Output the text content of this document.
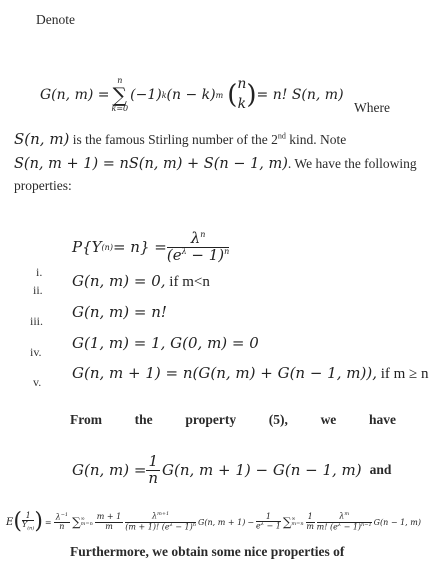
Denote
G(n, m) =
n
∑
k=0
(−1) k (n − k) m ( n
k ) = n! S(n, m)
Where
S(n, m) is the famous Stirling number of the 2nd kind. Note
S(n, m + 1) = nS(n, m) + S(n − 1, m). We have the following
properties:
P{Y $(n) = n\} = \frac{\lambda^n}{(e^\lambda - 1)^n}$
i.
ii.
iii.
iv.
v.
G(n, m) = 0, if m<n
G(n, m) = n!
G(1, m) = 1, G(0, m) = 0
G(n, m + 1) = n(G(n, m) + G(n − 1, m)), if m ≥ n
From the property (5), we have
G(n, $m) = \frac{1}{n} G(n$, m + 1) − G(n − 1, m) and
E ( $\frac{1}{Y_{(n)}}$ ) = $\frac{\lambda^{-1}}{n}$ ∑ ∞
$m=n \frac{m + 1}{m} \frac{\lambda^{m+1}}{(m + 1)! (e^\lambda - 1)^n} G(n$, $m + 1) - \frac{1}{e^\lambda - 1}$ ∑ ∞
$m=n \frac{1}{m} \frac{\lambda^m}{m! (e^\lambda - 1)^{n-1}} G(n - 1$, m)
Furthermore, we obtain some nice properties of
